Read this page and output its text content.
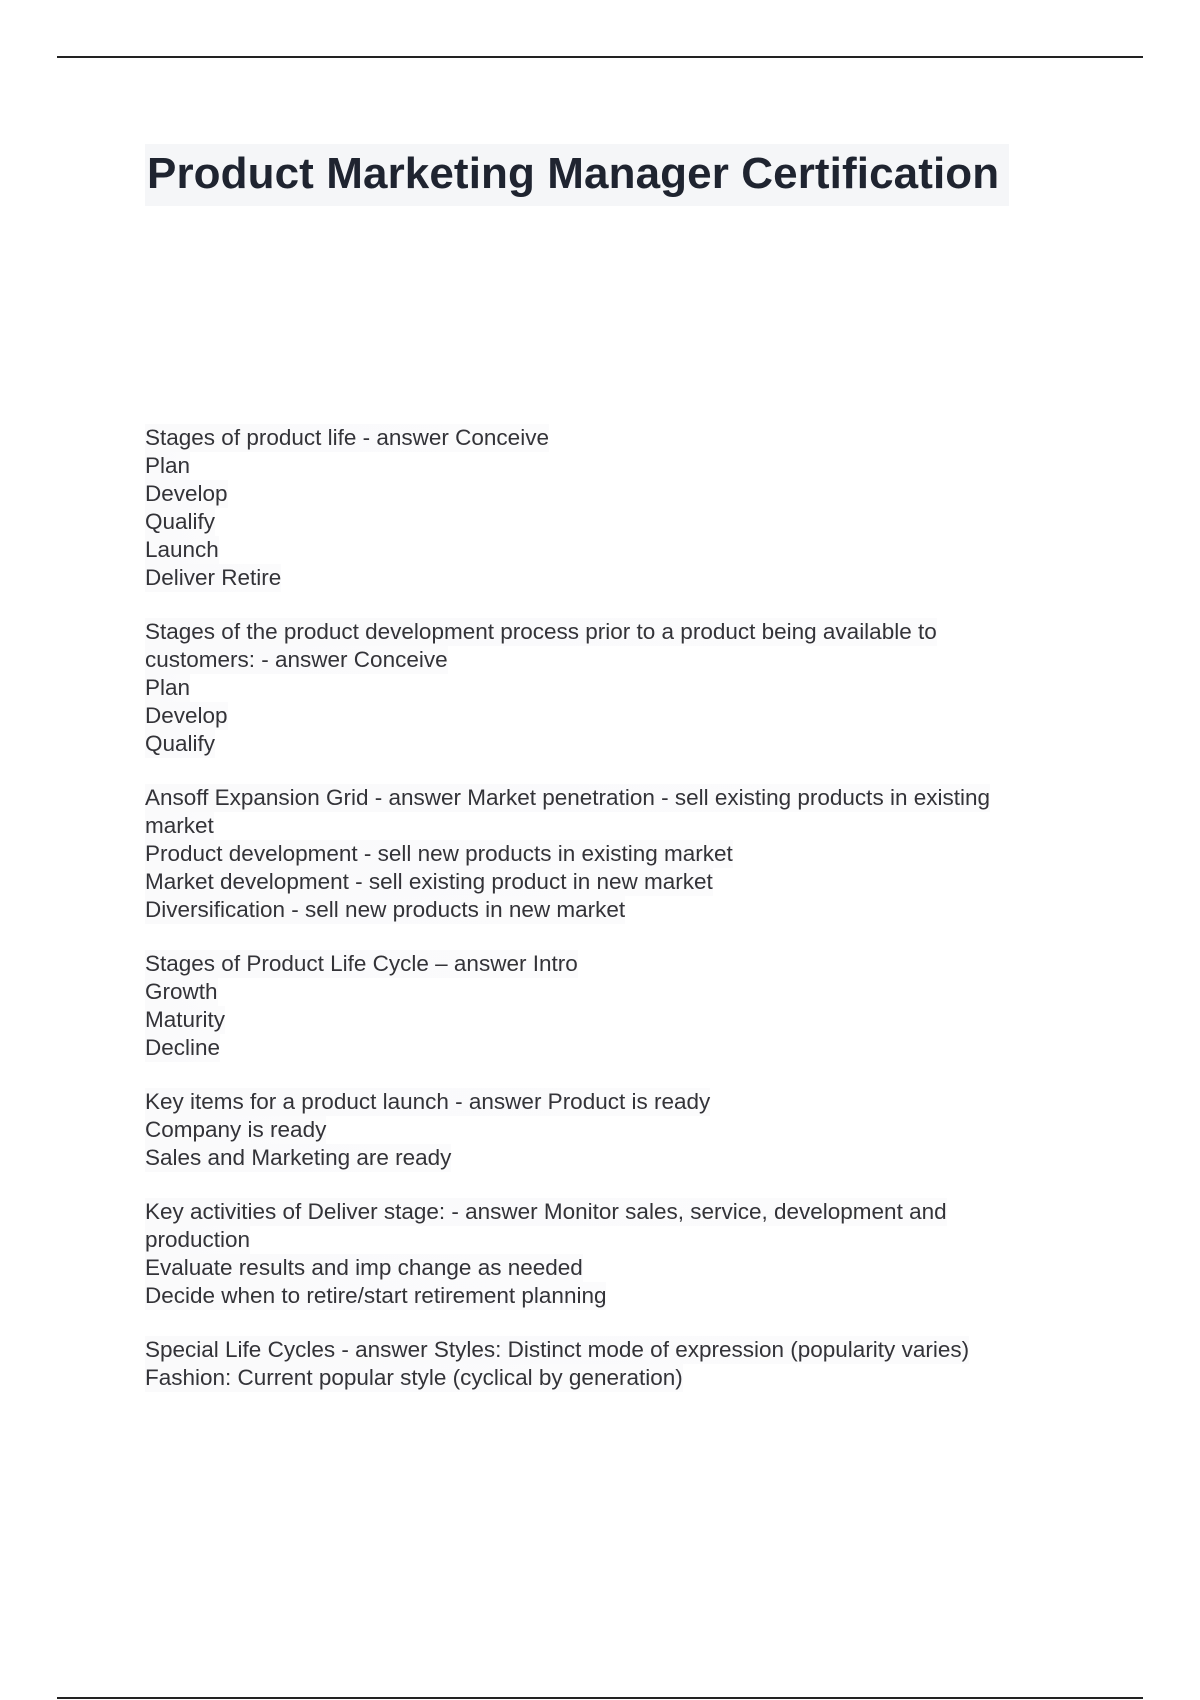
Product Marketing Manager Certification
Stages of product life - answer Conceive
Plan
Develop
Qualify
Launch
Deliver Retire
Stages of the product development process prior to a product being available to
customers: - answer Conceive
Plan
Develop
Qualify
Ansoff Expansion Grid - answer Market penetration - sell existing products in existing
market
Product development - sell new products in existing market
Market development - sell existing product in new market
Diversification - sell new products in new market
Stages of Product Life Cycle – answer Intro
Growth
Maturity
Decline
Key items for a product launch - answer Product is ready
Company is ready
Sales and Marketing are ready
Key activities of Deliver stage: - answer Monitor sales, service, development and
production
Evaluate results and imp change as needed
Decide when to retire/start retirement planning
Special Life Cycles - answer Styles: Distinct mode of expression (popularity varies)
Fashion: Current popular style (cyclical by generation)
